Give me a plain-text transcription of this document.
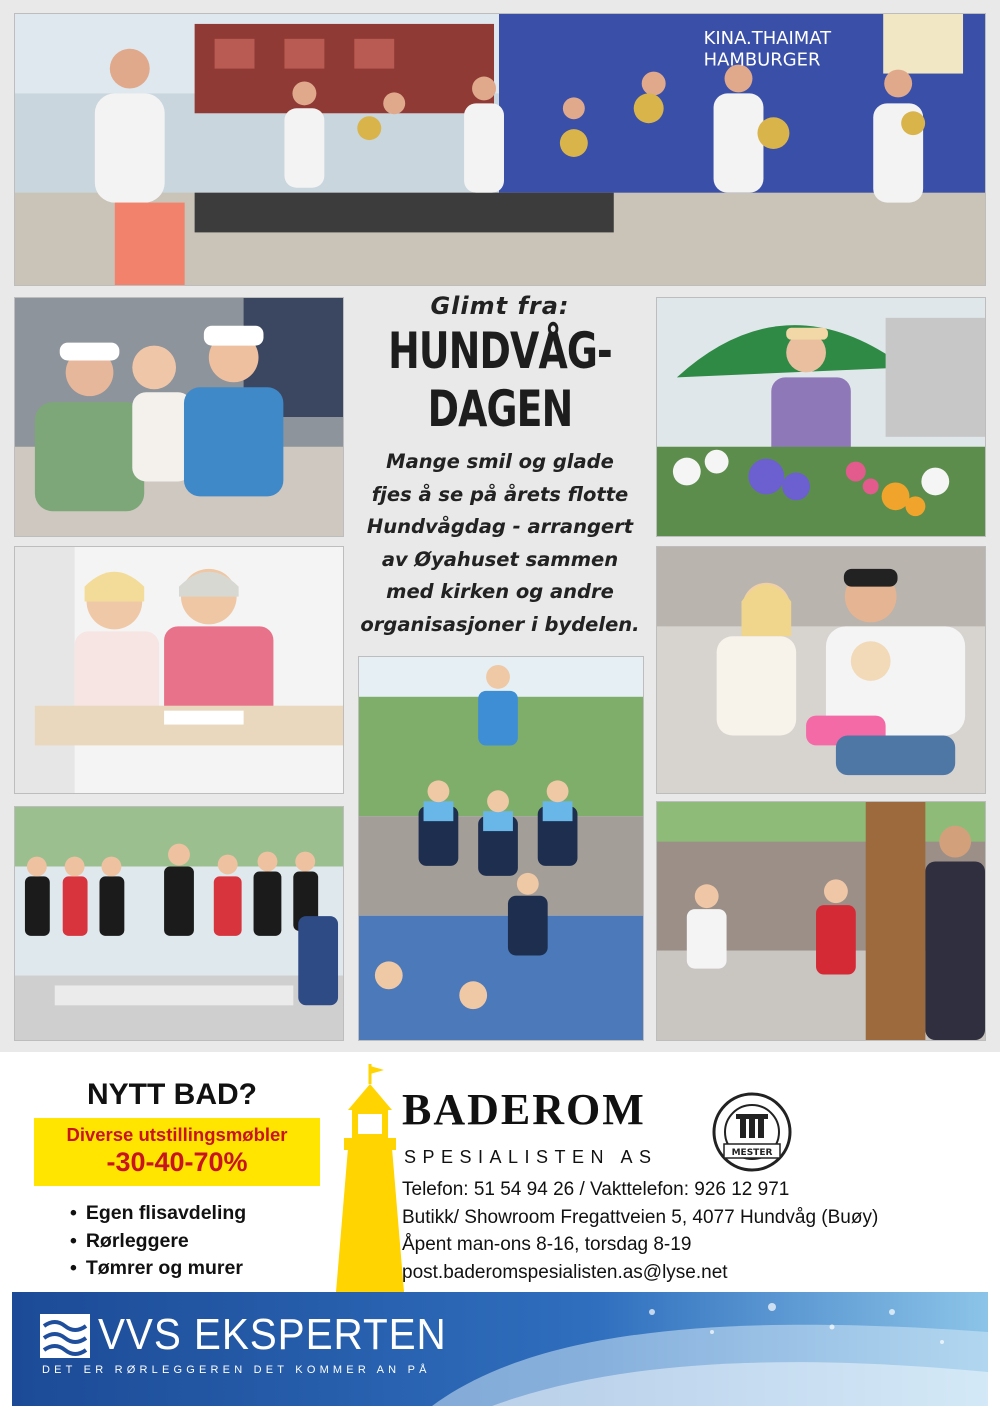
KINA.THAIMAT
HAMBURGER
Glimt fra:
HUNDVÅG-
DAGEN
Mange smil og glade
fjes å se på årets flotte
Hundvågdag - arrangert
av Øyahuset sammen
med kirken og andre
organisasjoner i bydelen.
NYTT BAD?
Diverse utstillingsmøbler
-30-40-70%
• Egen flisavdeling
• Rørleggere
• Tømrer og murer
BADEROM
SPESIALISTEN AS	MESTER
Telefon: 51 54 94 26 / Vakttelefon: 926 12 971
Butikk/ Showroom Fregattveien 5, 4077 Hundvåg (Buøy)
Åpent man-ons 8-16, torsdag 8-19
post.baderomspesialisten.as@lyse.net
VVS EKSPERTEN
DET ER RØRLEGGEREN DET KOMMER AN PÅ
